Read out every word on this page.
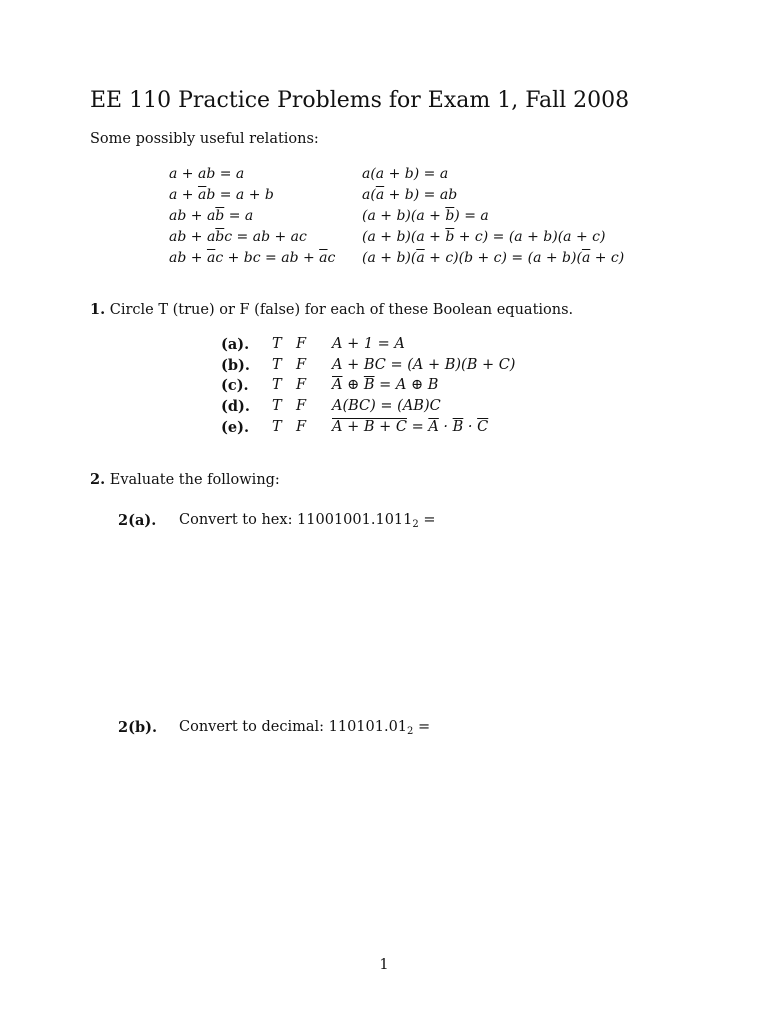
EE 110 Practice Problems for Exam 1, Fall 2008
Some possibly useful relations:
a + ab = a
$a + \overline{a}b = a + b$
ab + $a\overline{b} = a$
ab + $a\overline{b}c$ = ab + ac
ab + $\overline{a}c$ + bc = ab + $\overline{a}c$
a(a + b) = a
$a(\overline{a} + b)$ = ab
$(a + b)(a + \overline{b}) = a$
$(a + b)(a + \overline{b} + c) = (a + b)(a + c)$
$(a + b)(\overline{a} + c)(b + c) = (a + b)(\overline{a} + c)$
1. Circle T (true) or F (false) for each of these Boolean equations.
(a). T F A + 1 = A
(b). T F A + BC = (A + B)(B + C)
(c). T F $\overline{A}$ ⊕ $\overline{B} = A$ ⊕ B
(d). T F A(BC) = (AB)C
(e). T F $A + B + C = \overline{A} \cdot \overline{B} \cdot \overline{C}$
2. Evaluate the following:
2(a). Convert to hex: $11001001.1011_2$ =
2(b). Convert to decimal: $110101.01_2$ =
1
